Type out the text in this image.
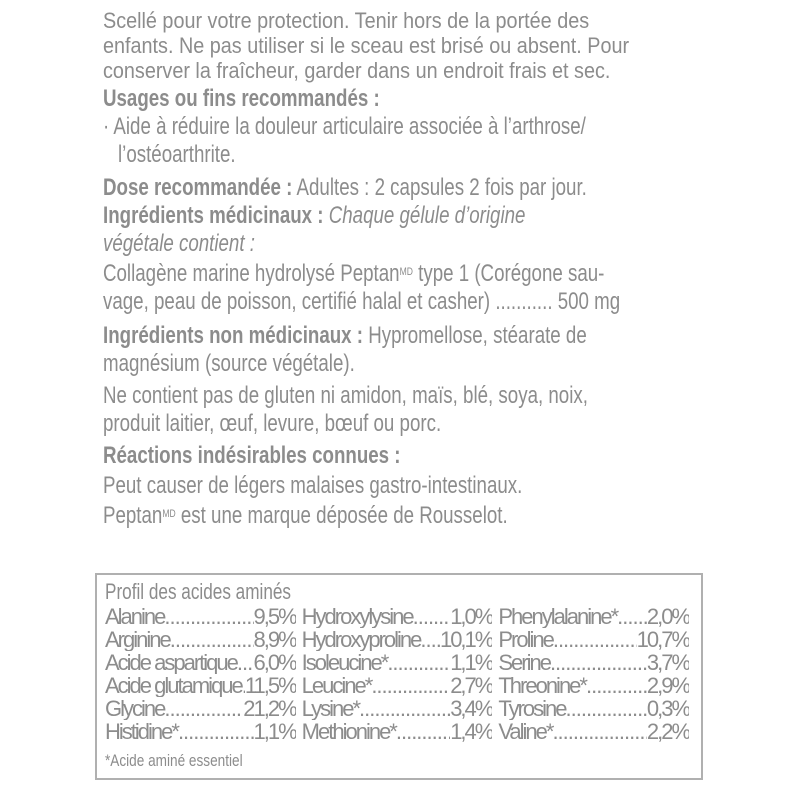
Scellé pour votre protection. Tenir hors de la portée des
enfants. Ne pas utiliser si le sceau est brisé ou absent. Pour
conserver la fraîcheur, garder dans un endroit frais et sec.
Usages ou fins recommandés :
· Aide à réduire la douleur articulaire associée à l’arthrose/
l’ostéoarthrite.
Dose recommandée : Adultes : 2 capsules 2 fois par jour.
Ingrédients médicinaux : Chaque gélule d’origine
végétale contient :
Collagène marine hydrolysé Peptan$^{MD}$ type 1 (Corégone sau-
vage, peau de poisson, certifié halal et casher) ........... 500 mg
Ingrédients non médicinaux : Hypromellose, stéarate de
magnésium (source végétale).
Ne contient pas de gluten ni amidon, maïs, blé, soya, noix,
produit laitier, œuf, levure, bœuf ou porc.
Réactions indésirables connues :
Peut causer de légers malaises gastro-intestinaux.
Peptan$^{MD}$ est une marque déposée de Rousselot.
Profil des acides aminés
Alanine .....	9,5% Hydroxylysine ..... 1,0% Phenylalanine* ..... 2,0%
Arginine .....	8,9% Hydroxyproline ..... 10,1% Proline .....	10,7%
Acide aspartique ..... 6,0% Isoleucine* .....	1,1% Serine .....	3,7%
Acide glutamique ..... 11,5% Leucine* .....	2,7% Threonine* .....	2,9%
Glycine .....	21,2% Lysine* .....	3,4% Tyrosine .....	0,3%
Histidine* .....	1,1% Methionine* ..... 1,4% Valine* .....	2,2%
*Acide aminé essentiel
